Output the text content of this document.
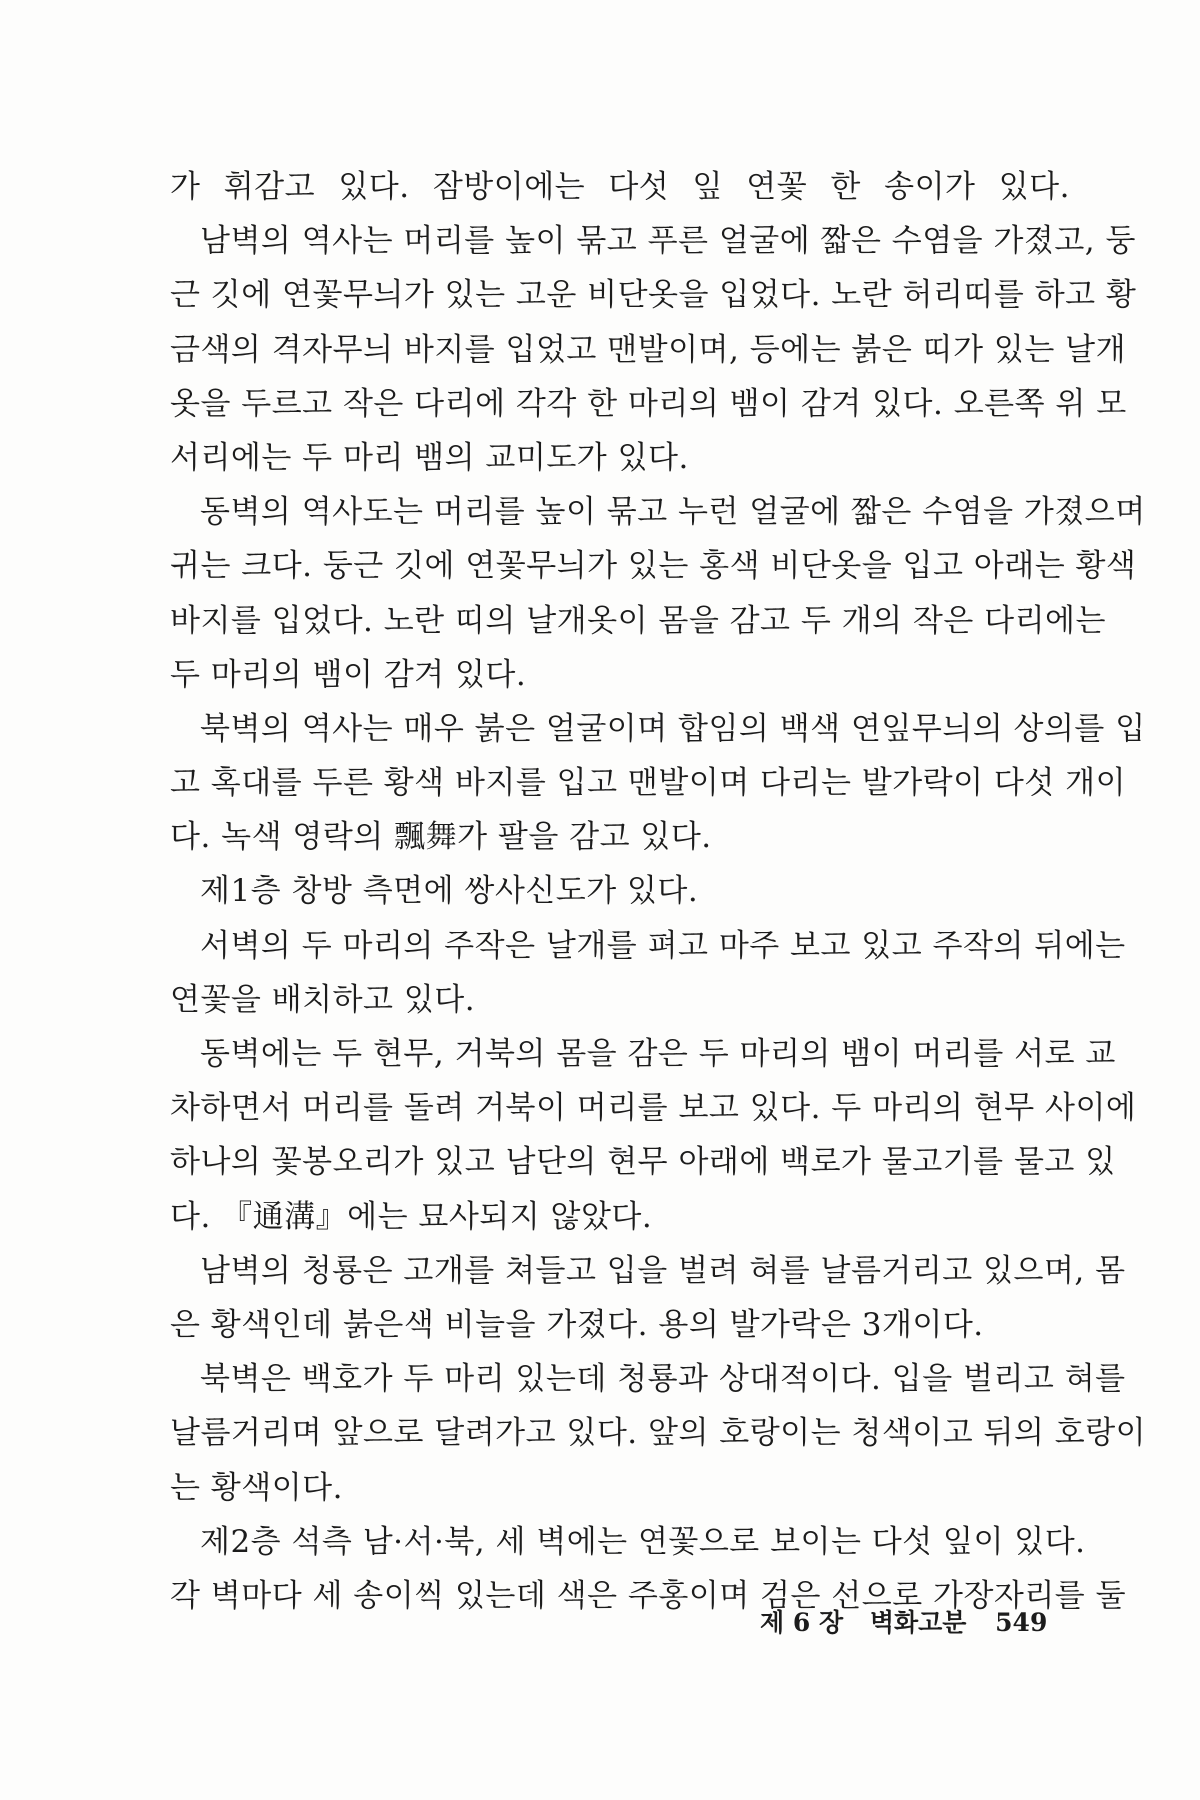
가 휘감고 있다. 잠방이에는 다섯 잎 연꽃 한 송이가 있다.
남벽의 역사는 머리를 높이 묶고 푸른 얼굴에 짧은 수염을 가졌고, 둥
근 깃에 연꽃무늬가 있는 고운 비단옷을 입었다. 노란 허리띠를 하고 황
금색의 격자무늬 바지를 입었고 맨발이며, 등에는 붉은 띠가 있는 날개
옷을 두르고 작은 다리에 각각 한 마리의 뱀이 감겨 있다. 오른쪽 위 모
서리에는 두 마리 뱀의 교미도가 있다.
동벽의 역사도는 머리를 높이 묶고 누런 얼굴에 짧은 수염을 가졌으며
귀는 크다. 둥근 깃에 연꽃무늬가 있는 홍색 비단옷을 입고 아래는 황색
바지를 입었다. 노란 띠의 날개옷이 몸을 감고 두 개의 작은 다리에는
두 마리의 뱀이 감겨 있다.
북벽의 역사는 매우 붉은 얼굴이며 합임의 백색 연잎무늬의 상의를 입
고 혹대를 두른 황색 바지를 입고 맨발이며 다리는 발가락이 다섯 개이
다. 녹색 영락의 飄舞가 팔을 감고 있다.
제1층 창방 측면에 쌍사신도가 있다.
서벽의 두 마리의 주작은 날개를 펴고 마주 보고 있고 주작의 뒤에는
연꽃을 배치하고 있다.
동벽에는 두 현무, 거북의 몸을 감은 두 마리의 뱀이 머리를 서로 교
차하면서 머리를 돌려 거북이 머리를 보고 있다. 두 마리의 현무 사이에
하나의 꽃봉오리가 있고 남단의 현무 아래에 백로가 물고기를 물고 있
다. 『通溝』에는 묘사되지 않았다.
남벽의 청룡은 고개를 쳐들고 입을 벌려 혀를 날름거리고 있으며, 몸
은 황색인데 붉은색 비늘을 가졌다. 용의 발가락은 3개이다.
북벽은 백호가 두 마리 있는데 청룡과 상대적이다. 입을 벌리고 혀를
날름거리며 앞으로 달려가고 있다. 앞의 호랑이는 청색이고 뒤의 호랑이
는 황색이다.
제2층 석측 남·서·북, 세 벽에는 연꽃으로 보이는 다섯 잎이 있다.
각 벽마다 세 송이씩 있는데 색은 주홍이며 검은 선으로 가장자리를 둘
제 6 장 벽화고분 549
